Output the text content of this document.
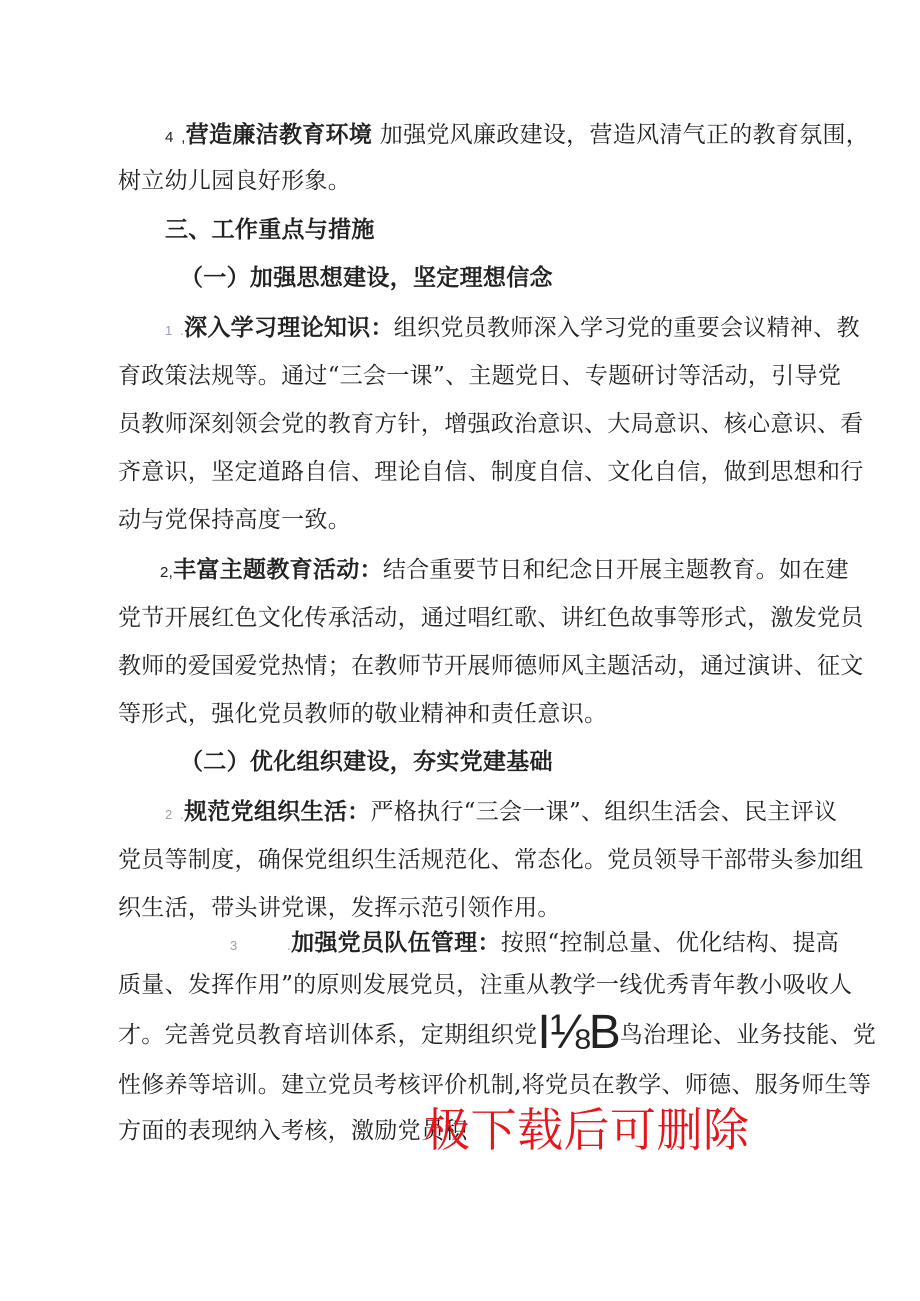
4 ,营造廉洁教育环境 加强党风廉政建设，营造风清气正的教育氛围，
树立幼儿园良好形象。
三、工作重点与措施
（一）加强思想建设，坚定理想信念
1 .深入学习理论知识：组织党员教师深入学习党的重要会议精神、教
育政策法规等。通过“三会一课”、主题党日、专题研讨等活动，引导党
员教师深刻领会党的教育方针，增强政治意识、大局意识、核心意识、看
齐意识，坚定道路自信、理论自信、制度自信、文化自信，做到思想和行
动与党保持高度一致。
2,丰富主题教育活动：结合重要节日和纪念日开展主题教育。如在建
党节开展红色文化传承活动，通过唱红歌、讲红色故事等形式，激发党员
教师的爱国爱党热情；在教师节开展师德师风主题活动，通过演讲、征文
等形式，强化党员教师的敬业精神和责任意识。
（二）优化组织建设，夯实党建基础
2 .规范党组织生活：严格执行“三会一课”、组织生活会、民主评议
党员等制度，确保党组织生活规范化、常态化。党员领导干部带头参加组
织生活，带头讲党课，发挥示范引领作用。
3	.加强党员队伍管理：按照“控制总量、优化结构、提高
质量、发挥作用”的原则发展党员，注重从教学一线优秀青年教小吸收人
才。完善党员教育培训体系，定期组织党I⅛B鸟治理论、业务技能、党
性修养等培训。建立党员考核评价机制,将党员在教学、师德、服务师生等
方面的表现纳入考核，激励党员积
极下载后可删除
